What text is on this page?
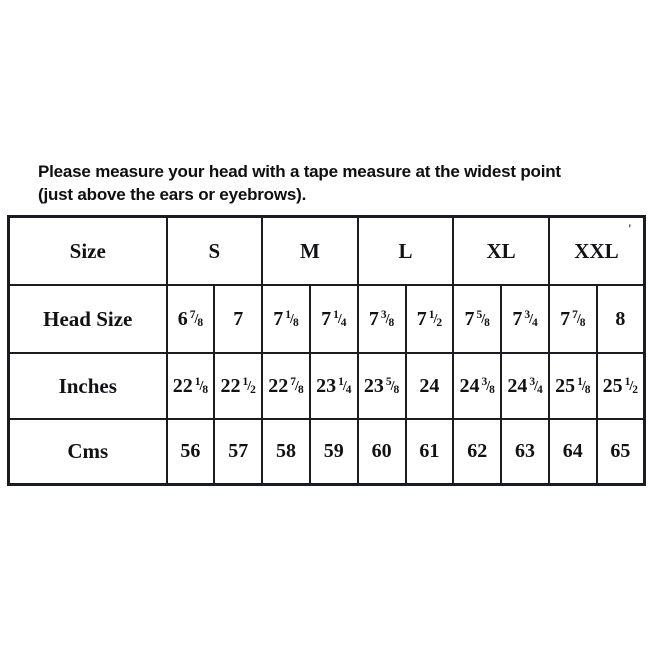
Please measure your head with a tape measure at the widest point
(just above the ears or eyebrows).
Size	S		M		L		XL		XXL	
Head Size	6 $^7$/8	7	7 $^1$/8	7 $^1$/4	7 $^3$/8	7 $^1$/2	7 $^5$/8	7 $^3$/4	7 $^7$/8	8
Inches	22 $^1$/8	22 $^1$/2	22 $^7$/8	23 $^1$/4	23 $^5$/8	24	24 $^3$/8	24 $^3$/4	25 $^1$/8	25 $^1$/2
Cms	56	57	58	59	60	61	62	63	64	65
'
